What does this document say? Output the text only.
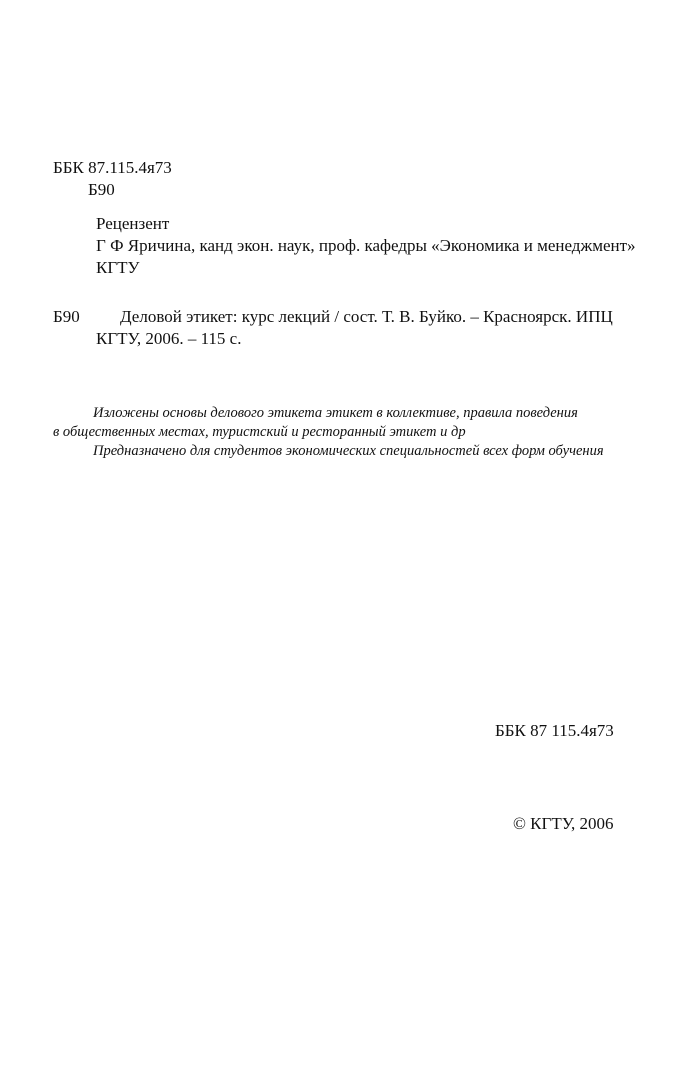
ББК 87.115.4я73
Б90
Рецензент
Г Ф Яричина, канд экон. наук, проф. кафедры «Экономика и менеджмент»
КГТУ
Б90 Деловой этикет: курс лекций / сост. Т. В. Буйко. – Красноярск. ИПЦ
КГТУ, 2006. – 115 с.
Изложены основы делового этикета этикет в коллективе, правила поведения
в общественных местах, туристский и ресторанный этикет и др
Предназначено для студентов экономических специальностей всех форм обучения
ББК 87 115.4я73
© КГТУ, 2006
